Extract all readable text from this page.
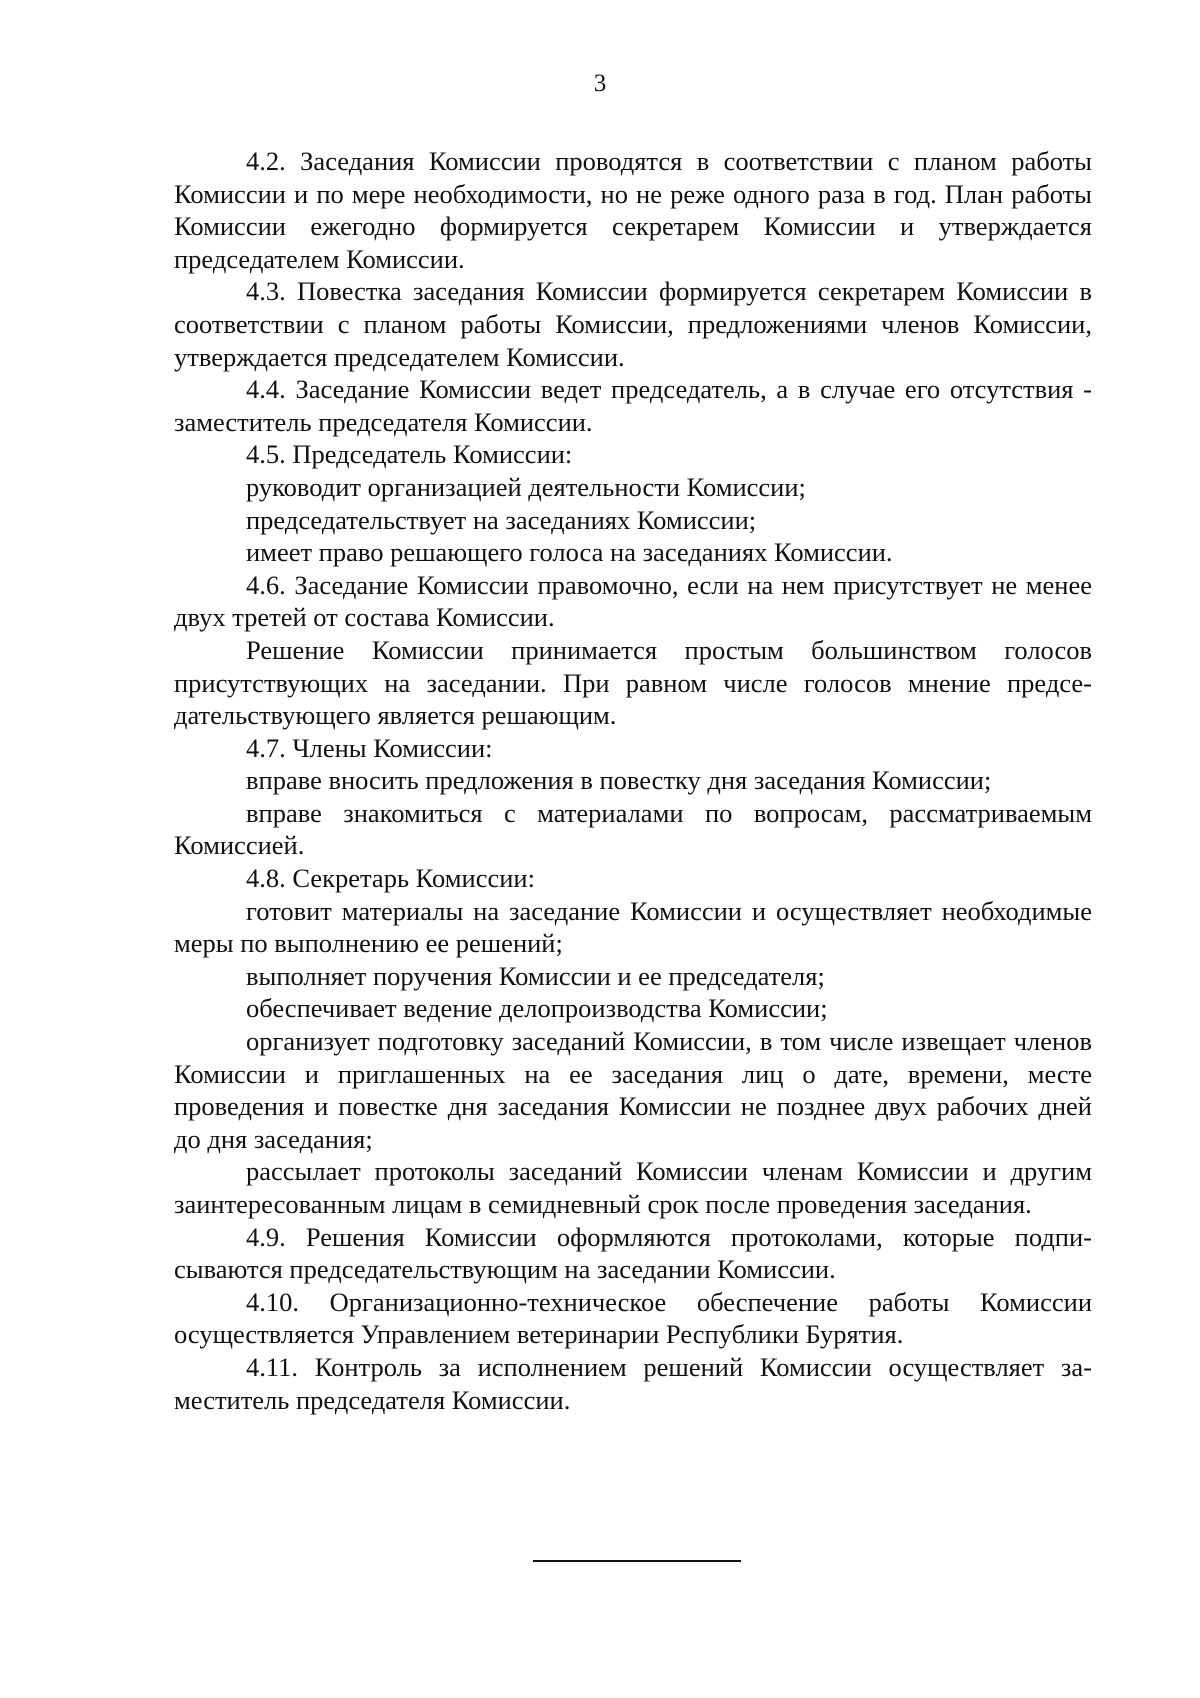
3

4.2. Заседания Комиссии проводятся в соответствии с планом работы Комиссии и по мере необходимости, но не реже одного раза в год. План работы Комиссии ежегодно формируется секретарем Комиссии и утверждается председателем Комиссии.

4.3. Повестка заседания Комиссии формируется секретарем Комиссии в соответствии с планом работы Комиссии, предложениями членов Комиссии, утверждается председателем Комиссии.

4.4. Заседание Комиссии ведет председатель, а в случае его отсутствия - заместитель председателя Комиссии.

4.5. Председатель Комиссии:

руководит организацией деятельности Комиссии;

председательствует на заседаниях Комиссии;

имеет право решающего голоса на заседаниях Комиссии.

4.6. Заседание Комиссии правомочно, если на нем присутствует не менее двух третей от состава Комиссии.

Решение Комиссии принимается простым большинством голосов присутствующих на заседании. При равном числе голосов мнение председательствующего является решающим.

4.7. Члены Комиссии:

вправе вносить предложения в повестку дня заседания Комиссии;

вправе знакомиться с материалами по вопросам, рассматриваемым Комиссией.

4.8. Секретарь Комиссии:

готовит материалы на заседание Комиссии и осуществляет необходимые меры по выполнению ее решений;

выполняет поручения Комиссии и ее председателя;

обеспечивает ведение делопроизводства Комиссии;

организует подготовку заседаний Комиссии, в том числе извещает членов Комиссии и приглашенных на ее заседания лиц о дате, времени, месте проведения и повестке дня заседания Комиссии не позднее двух рабочих дней до дня заседания;

рассылает протоколы заседаний Комиссии членам Комиссии и другим заинтересованным лицам в семидневный срок после проведения заседания.

4.9. Решения Комиссии оформляются протоколами, которые подписываются председательствующим на заседании Комиссии.

4.10. Организационно-техническое обеспечение работы Комиссии осуществляется Управлением ветеринарии Республики Бурятия.

4.11. Контроль за исполнением решений Комиссии осуществляет заместитель председателя Комиссии.
